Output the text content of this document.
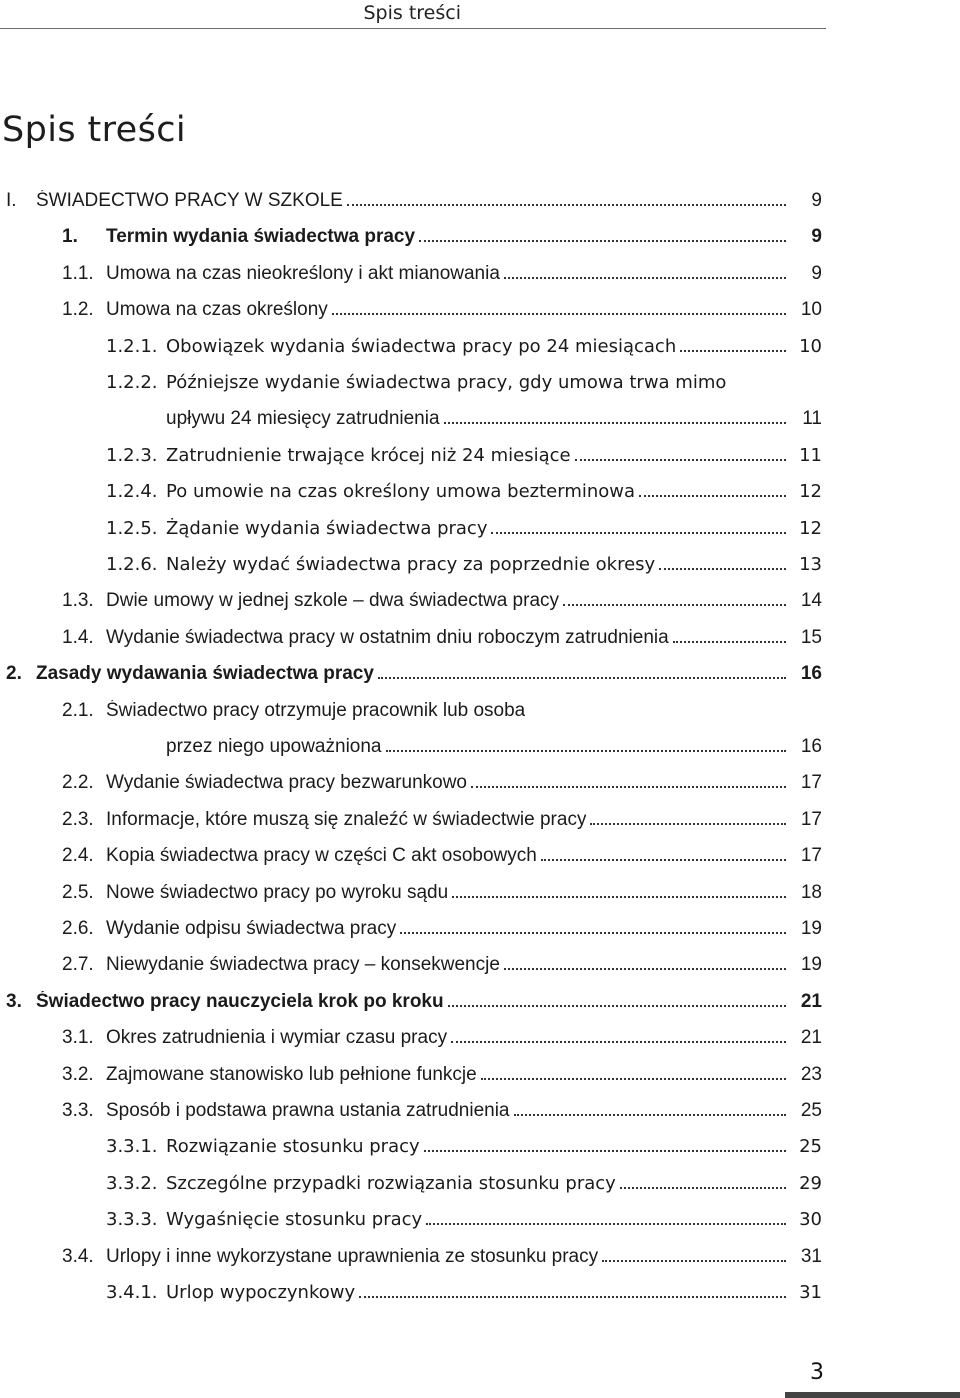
Spis treści
Spis treści
I.	ŚWIADECTWO PRACY W SZKOLE	9
1.	Termin wydania świadectwa pracy	9
1.1. Umowa na czas nieokreślony i akt mianowania	9
1.2. Umowa na czas określony	10
1.2.1. Obowiązek wydania świadectwa pracy po 24 miesiącach	10
1.2.2. Późniejsze wydanie świadectwa pracy, gdy umowa trwa mimo
upływu 24 miesięcy zatrudnienia	11
1.2.3. Zatrudnienie trwające krócej niż 24 miesiące	11
1.2.4. Po umowie na czas określony umowa bezterminowa	12
1.2.5. Żądanie wydania świadectwa pracy	12
1.2.6. Należy wydać świadectwa pracy za poprzednie okresy	13
1.3. Dwie umowy w jednej szkole – dwa świadectwa pracy	14
1.4. Wydanie świadectwa pracy w ostatnim dniu roboczym zatrudnienia	15
2. Zasady wydawania świadectwa pracy	16
2.1. Świadectwo pracy otrzymuje pracownik lub osoba
przez niego upoważniona	16
2.2. Wydanie świadectwa pracy bezwarunkowo	17
2.3. Informacje, które muszą się znaleźć w świadectwie pracy	17
2.4. Kopia świadectwa pracy w części C akt osobowych	17
2.5. Nowe świadectwo pracy po wyroku sądu	18
2.6. Wydanie odpisu świadectwa pracy	19
2.7. Niewydanie świadectwa pracy – konsekwencje	19
3. Świadectwo pracy nauczyciela krok po kroku	21
3.1. Okres zatrudnienia i wymiar czasu pracy	21
3.2. Zajmowane stanowisko lub pełnione funkcje	23
3.3. Sposób i podstawa prawna ustania zatrudnienia	25
3.3.1. Rozwiązanie stosunku pracy	25
3.3.2. Szczególne przypadki rozwiązania stosunku pracy	29
3.3.3. Wygaśnięcie stosunku pracy	30
3.4. Urlopy i inne wykorzystane uprawnienia ze stosunku pracy	31
3.4.1. Urlop wypoczynkowy	31
3
